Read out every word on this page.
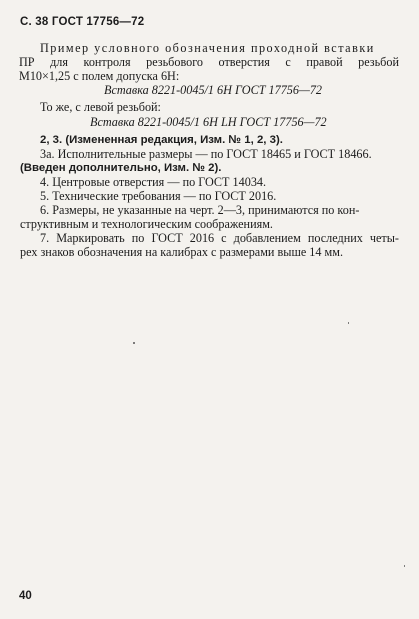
С. 38 ГОСТ 17756—72
Пример условного обозначения проходной вставки
ПР для контроля резьбового отверстия с правой резьбой
М10×1,25 с полем допуска 6Н:
Вставка 8221-0045/1 6Н ГОСТ 17756—72
То же, с левой резьбой:
Вставка 8221-0045/1 6Н LH ГОСТ 17756—72
2, 3. (Измененная редакция, Изм. № 1, 2, 3).
3а. Исполнительные размеры — по ГОСТ 18465 и ГОСТ 18466.
(Введен дополнительно, Изм. № 2).
4. Центровые отверстия — по ГОСТ 14034.
5. Технические требования — по ГОСТ 2016.
6. Размеры, не указанные на черт. 2—3, принимаются по кон-
структивным и технологическим соображениям.
7. Маркировать по ГОСТ 2016 с добавлением последних четы-
рех знаков обозначения на калибрах с размерами выше 14 мм.
40
